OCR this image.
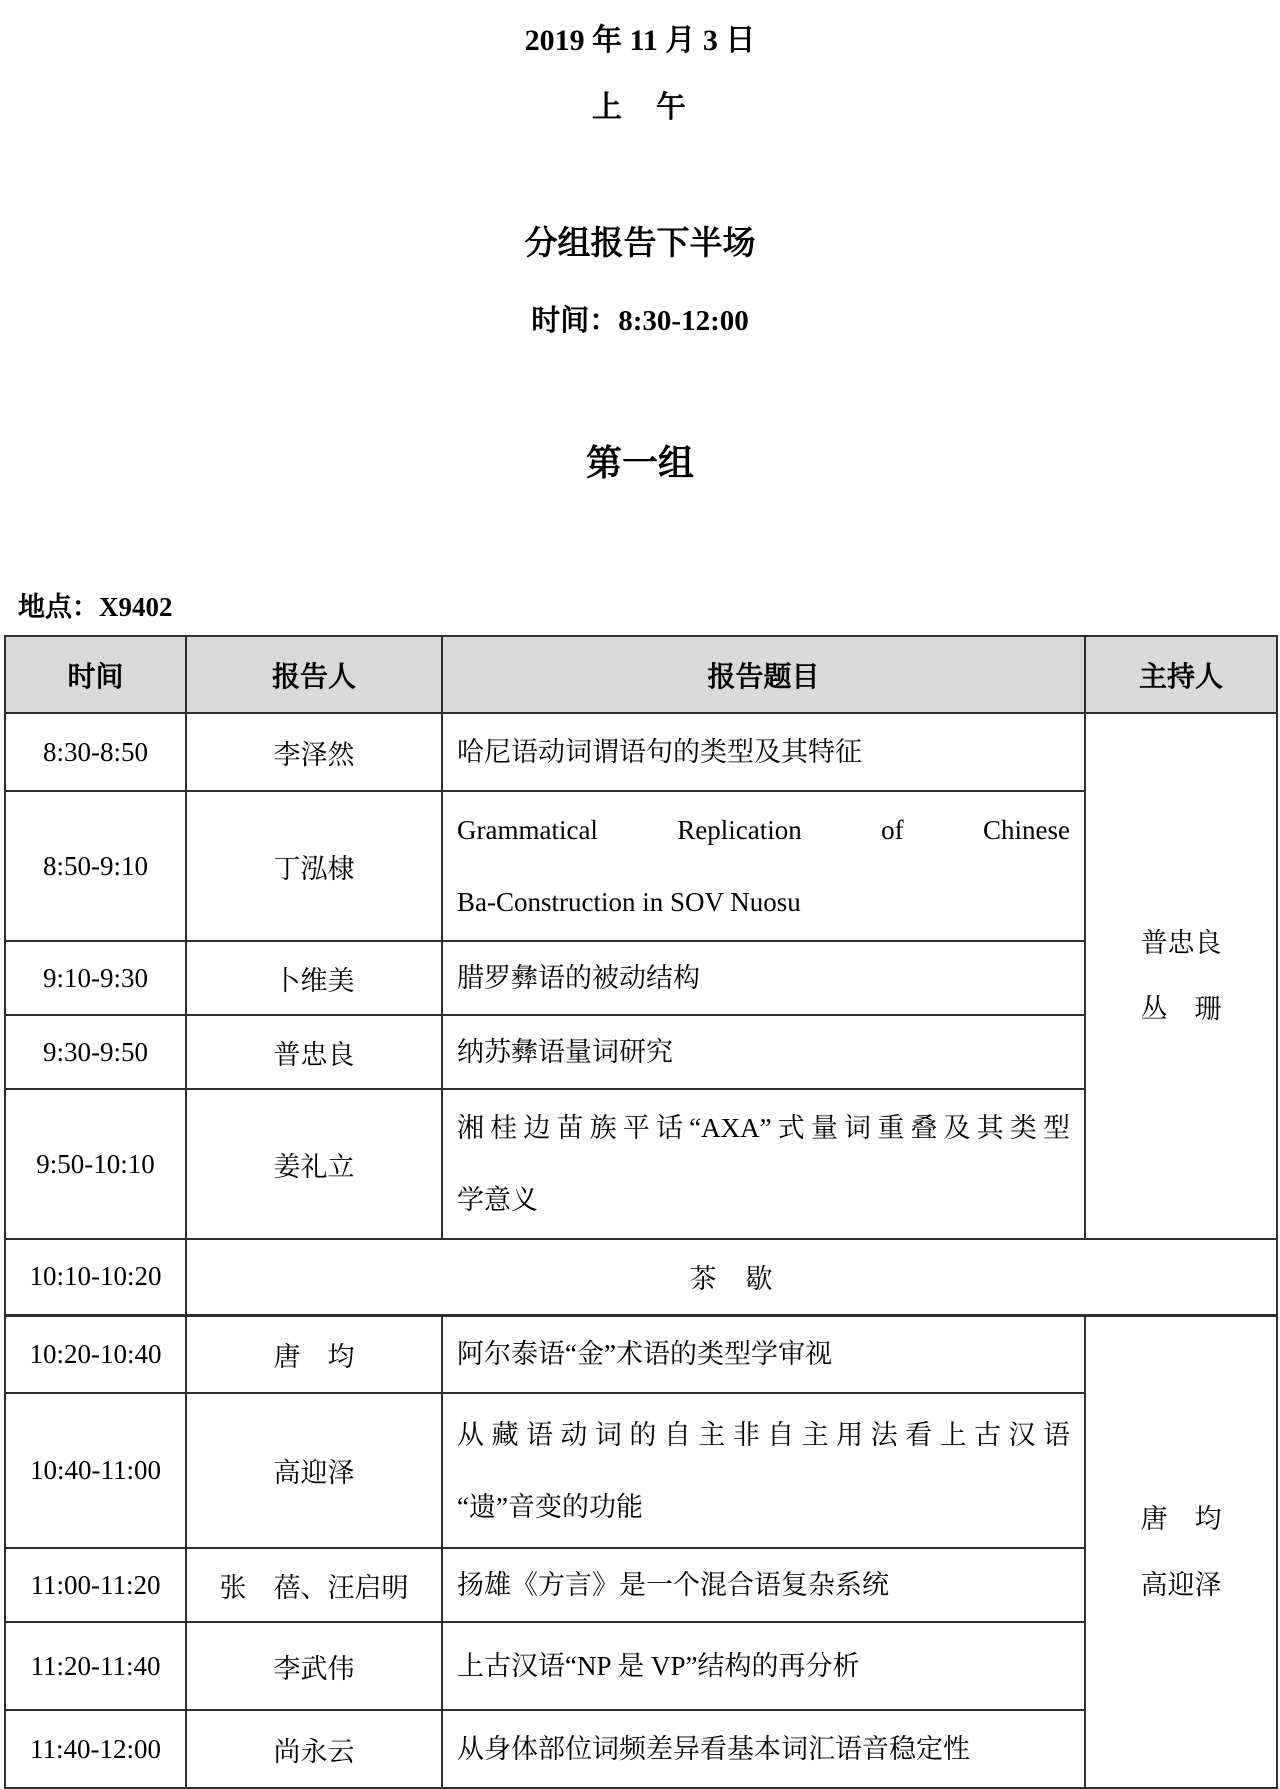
2019 年 11 月 3 日
上　午
分组报告下半场
时间：8:30-12:00
第一组
地点：X9402
时间	报告人	报告题目	主持人
8:30-8:50	李泽然	哈尼语动词谓语句的类型及其特征	普忠良
丛　珊

8:50-9:10	丁泓棣	Grammatical Replication of Chinese
Ba-Construction in SOV Nuosu	

9:10-9:30	卜维美	腊罗彝语的被动结构	

9:30-9:50	普忠良	纳苏彝语量词研究	

9:50-10:10	姜礼立	湘桂边苗族平话“AXA”式量词重叠及其类型
学意义	

10:10-10:20	茶　歇		
10:20-10:40	唐　均	阿尔泰语“金”术语的类型学审视	唐　均
高迎泽

10:40-11:00	高迎泽	从藏语动词的自主非自主用法看上古汉语
“遗”音变的功能	

11:00-11:20	张　蓓、汪启明	扬雄《方言》是一个混合语复杂系统	

11:20-11:40	李武伟	上古汉语“NP 是 VP”结构的再分析	

11:40-12:00	尚永云	从身体部位词频差异看基本词汇语音稳定性	
